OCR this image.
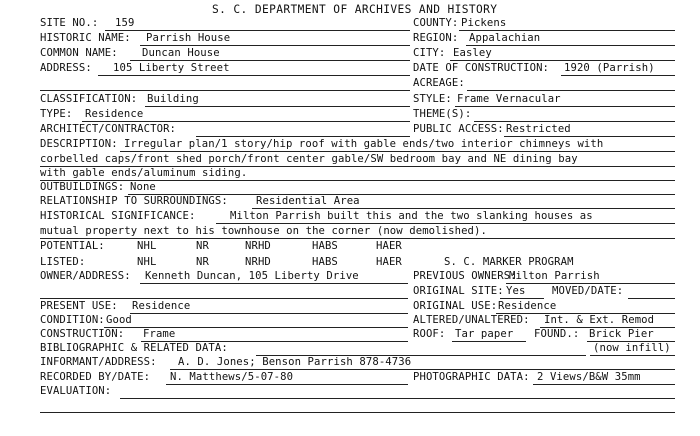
S. C. DEPARTMENT OF ARCHIVES AND HISTORY
SITE NO.: 159	COUNTY: Pickens
HISTORIC NAME: Parrish House	REGION: Appalachian
COMMON NAME: Duncan House	CITY: Easley
ADDRESS: 105 Liberty Street	DATE OF CONSTRUCTION: 1920 (Parrish)
ACREAGE:
CLASSIFICATION: Building	STYLE: Frame Vernacular
TYPE: Residence	THEME(S):
ARCHITECT/CONTRACTOR:	PUBLIC ACCESS: Restricted
DESCRIPTION: Irregular plan/1 story/hip roof with gable ends/two interior chimneys with
corbelled caps/front shed porch/front center gable/SW bedroom bay and NE dining bay
with gable ends/aluminum siding.
OUTBUILDINGS: None
RELATIONSHIP TO SURROUNDINGS:	Residential Area
HISTORICAL SIGNIFICANCE:	Milton Parrish built this and the two slanking houses as
mutual property next to his townhouse on the corner (now demolished).
POTENTIAL:	NHL	NR	NRHD	HABS	HAER
LISTED:	NHL	NR	NRHD	HABS	HAER	S. C. MARKER PROGRAM
OWNER/ADDRESS: Kenneth Duncan, 105 Liberty Drive	PREVIOUS OWNERS:
Milton Parrish
ORIGINAL SITE: Yes	MOVED/DATE:
PRESENT USE: Residence	ORIGINAL USE: Residence
CONDITION: Good	ALTERED/UNALTERED: Int. & Ext. Remod
CONSTRUCTION: Frame	ROOF: Tar paper FOUND.: Brick Pier
BIBLIOGRAPHIC & RELATED DATA:	(now infill)
INFORMANT/ADDRESS: A. D. Jones; Benson Parrish 878-4736
RECORDED BY/DATE: N. Matthews/5-07-80	PHOTOGRAPHIC DATA: 2 Views/B&W 35mm
EVALUATION:
